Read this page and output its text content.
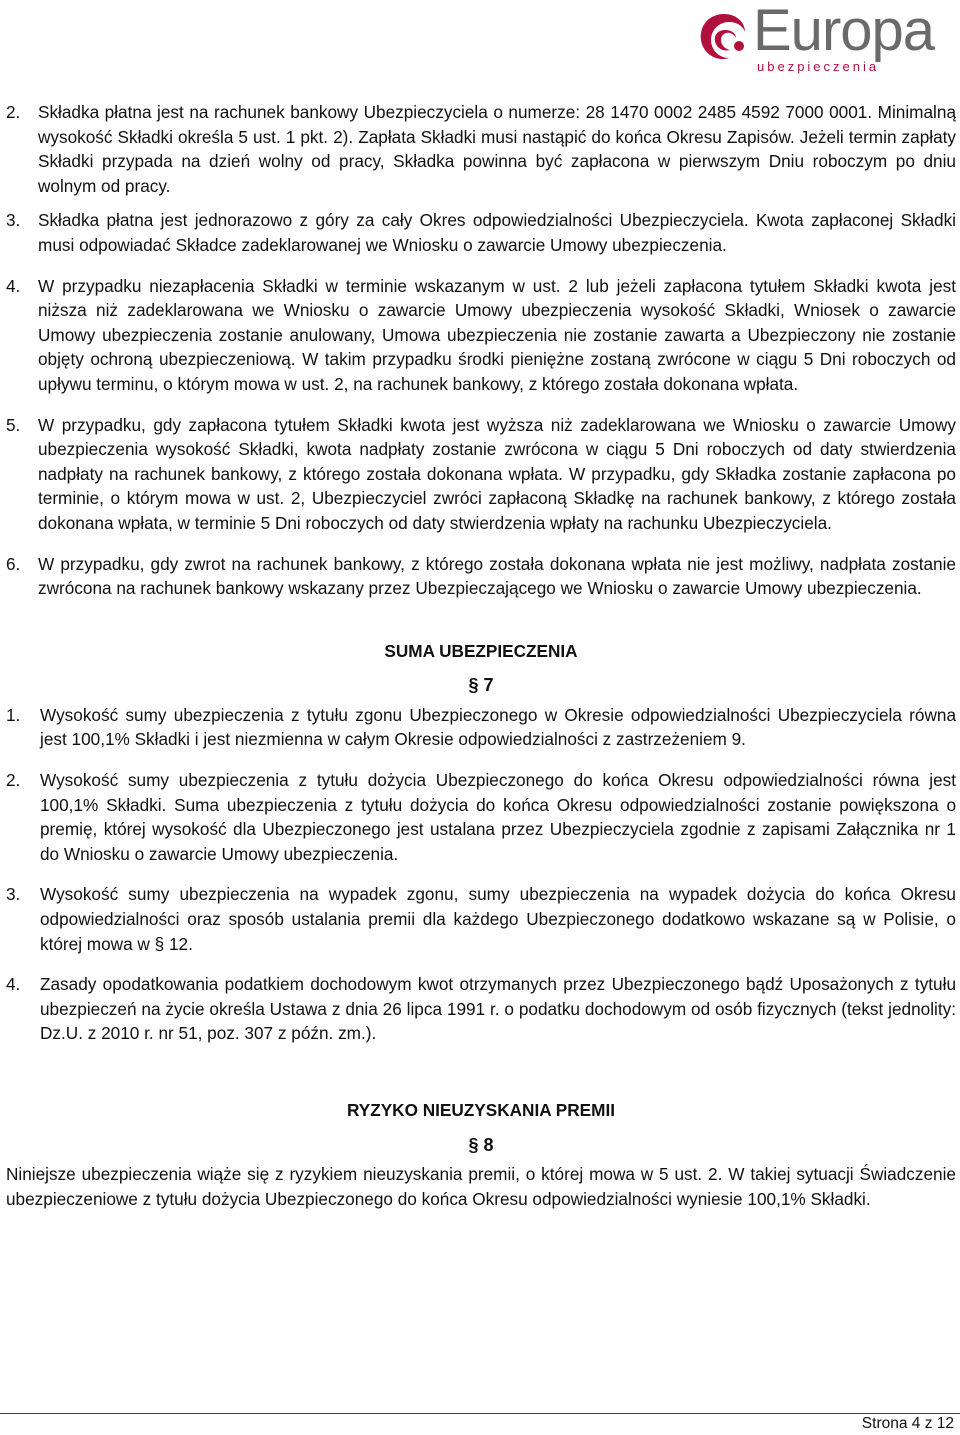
Europa
ubezpieczenia
2. Składka płatna jest na rachunek bankowy Ubezpieczyciela o numerze: 28 1470 0002 2485 4592 7000 0001. Minimalną wysokość Składki określa 5 ust. 1 pkt. 2). Zapłata Składki musi nastąpić do końca Okresu Zapisów. Jeżeli termin zapłaty Składki przypada na dzień wolny od pracy, Składka powinna być zapłacona w pierwszym Dniu roboczym po dniu wolnym od pracy.
3. Składka płatna jest jednorazowo z góry za cały Okres odpowiedzialności Ubezpieczyciela. Kwota zapłaconej Składki musi odpowiadać Składce zadeklarowanej we Wniosku o zawarcie Umowy ubezpieczenia.
4. W przypadku niezapłacenia Składki w terminie wskazanym w ust. 2 lub jeżeli zapłacona tytułem Składki kwota jest niższa niż zadeklarowana we Wniosku o zawarcie Umowy ubezpieczenia wysokość Składki, Wniosek o zawarcie Umowy ubezpieczenia zostanie anulowany, Umowa ubezpieczenia nie zostanie zawarta a Ubezpieczony nie zostanie objęty ochroną ubezpieczeniową. W takim przypadku środki pieniężne zostaną zwrócone w ciągu 5 Dni roboczych od upływu terminu, o którym mowa w ust. 2, na rachunek bankowy, z którego została dokonana wpłata.
5. W przypadku, gdy zapłacona tytułem Składki kwota jest wyższa niż zadeklarowana we Wniosku o zawarcie Umowy ubezpieczenia wysokość Składki, kwota nadpłaty zostanie zwrócona w ciągu 5 Dni roboczych od daty stwierdzenia nadpłaty na rachunek bankowy, z którego została dokonana wpłata. W przypadku, gdy Składka zostanie zapłacona po terminie, o którym mowa w ust. 2, Ubezpieczyciel zwróci zapłaconą Składkę na rachunek bankowy, z którego została dokonana wpłata, w terminie 5 Dni roboczych od daty stwierdzenia wpłaty na rachunku Ubezpieczyciela.
6. W przypadku, gdy zwrot na rachunek bankowy, z którego została dokonana wpłata nie jest możliwy, nadpłata zostanie zwrócona na rachunek bankowy wskazany przez Ubezpieczającego we Wniosku o zawarcie Umowy ubezpieczenia.
SUMA UBEZPIECZENIA
§ 7
1. Wysokość sumy ubezpieczenia z tytułu zgonu Ubezpieczonego w Okresie odpowiedzialności Ubezpieczyciela równa jest 100,1% Składki i jest niezmienna w całym Okresie odpowiedzialności z zastrzeżeniem 9.
2. Wysokość sumy ubezpieczenia z tytułu dożycia Ubezpieczonego do końca Okresu odpowiedzialności równa jest 100,1% Składki. Suma ubezpieczenia z tytułu dożycia do końca Okresu odpowiedzialności zostanie powiększona o premię, której wysokość dla Ubezpieczonego jest ustalana przez Ubezpieczyciela zgodnie z zapisami Załącznika nr 1 do Wniosku o zawarcie Umowy ubezpieczenia.
3. Wysokość sumy ubezpieczenia na wypadek zgonu, sumy ubezpieczenia na wypadek dożycia do końca Okresu odpowiedzialności oraz sposób ustalania premii dla każdego Ubezpieczonego dodatkowo wskazane są w Polisie, o której mowa w § 12.
4. Zasady opodatkowania podatkiem dochodowym kwot otrzymanych przez Ubezpieczonego bądź Uposażonych z tytułu ubezpieczeń na życie określa Ustawa z dnia 26 lipca 1991 r. o podatku dochodowym od osób fizycznych (tekst jednolity: Dz.U. z 2010 r. nr 51, poz. 307 z późn. zm.).
RYZYKO NIEUZYSKANIA PREMII
§ 8

Niniejsze ubezpieczenia wiąże się z ryzykiem nieuzyskania premii, o której mowa w 5 ust. 2. W takiej sytuacji Świadczenie ubezpieczeniowe z tytułu dożycia Ubezpieczonego do końca Okresu odpowiedzialności wyniesie 100,1% Składki.

Strona 4 z 12
